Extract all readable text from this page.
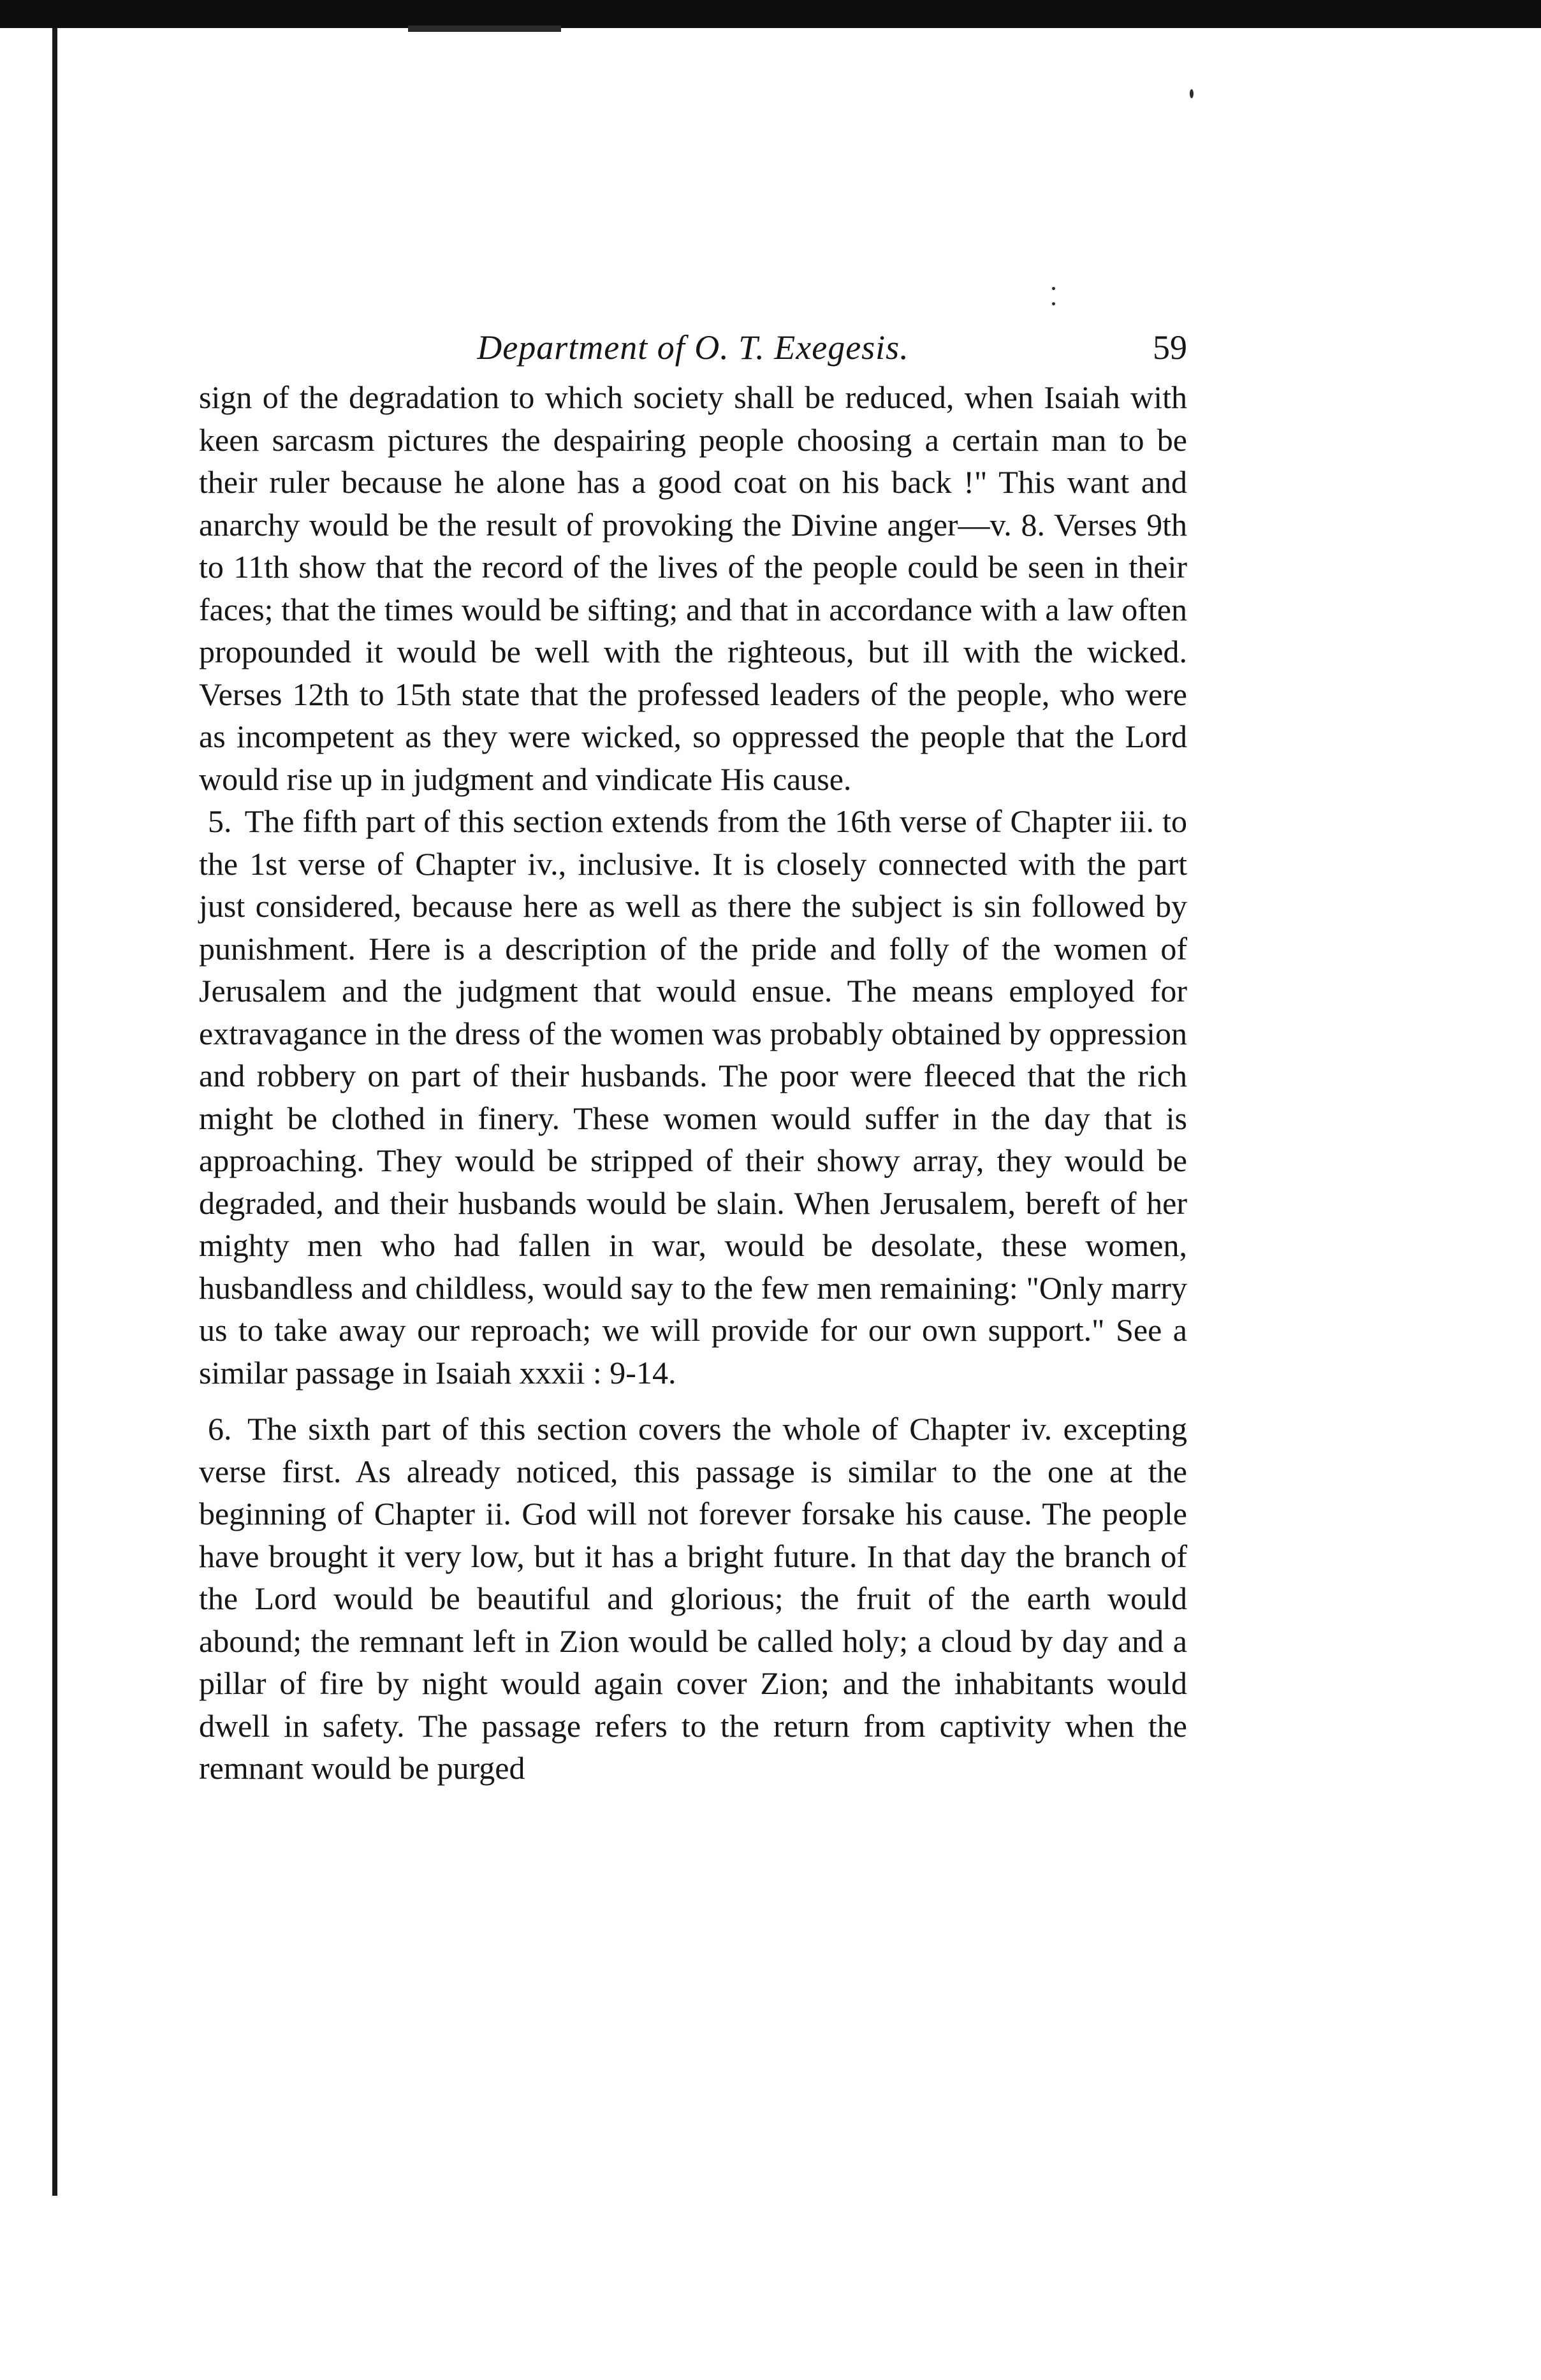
Department of O. T. Exegesis.	59

sign of the degradation to which society shall be reduced, when Isaiah with keen sarcasm pictures the despairing people choosing a certain man to be their ruler because he alone has a good coat on his back !" This want and anarchy would be the result of provoking the Divine anger—v. 8. Verses 9th to 11th show that the record of the lives of the people could be seen in their faces; that the times would be sifting; and that in accordance with a law often propounded it would be well with the righteous, but ill with the wicked. Verses 12th to 15th state that the professed leaders of the people, who were as incompetent as they were wicked, so oppressed the people that the Lord would rise up in judgment and vindicate His cause.

5. The fifth part of this section extends from the 16th verse of Chapter iii. to the 1st verse of Chapter iv., inclusive. It is closely connected with the part just considered, because here as well as there the subject is sin followed by punishment. Here is a description of the pride and folly of the women of Jerusalem and the judgment that would ensue. The means employed for extravagance in the dress of the women was probably obtained by oppression and robbery on part of their husbands. The poor were fleeced that the rich might be clothed in finery. These women would suffer in the day that is approaching. They would be stripped of their showy array, they would be degraded, and their husbands would be slain. When Jerusalem, bereft of her mighty men who had fallen in war, would be desolate, these women, husbandless and childless, would say to the few men remaining: "Only marry us to take away our reproach; we will provide for our own support." See a similar passage in Isaiah xxxii : 9-14.

6. The sixth part of this section covers the whole of Chapter iv. excepting verse first. As already noticed, this passage is similar to the one at the beginning of Chapter ii. God will not forever forsake his cause. The people have brought it very low, but it has a bright future. In that day the branch of the Lord would be beautiful and glorious; the fruit of the earth would abound; the remnant left in Zion would be called holy; a cloud by day and a pillar of fire by night would again cover Zion; and the inhabitants would dwell in safety. The passage refers to the return from captivity when the remnant would be purged
